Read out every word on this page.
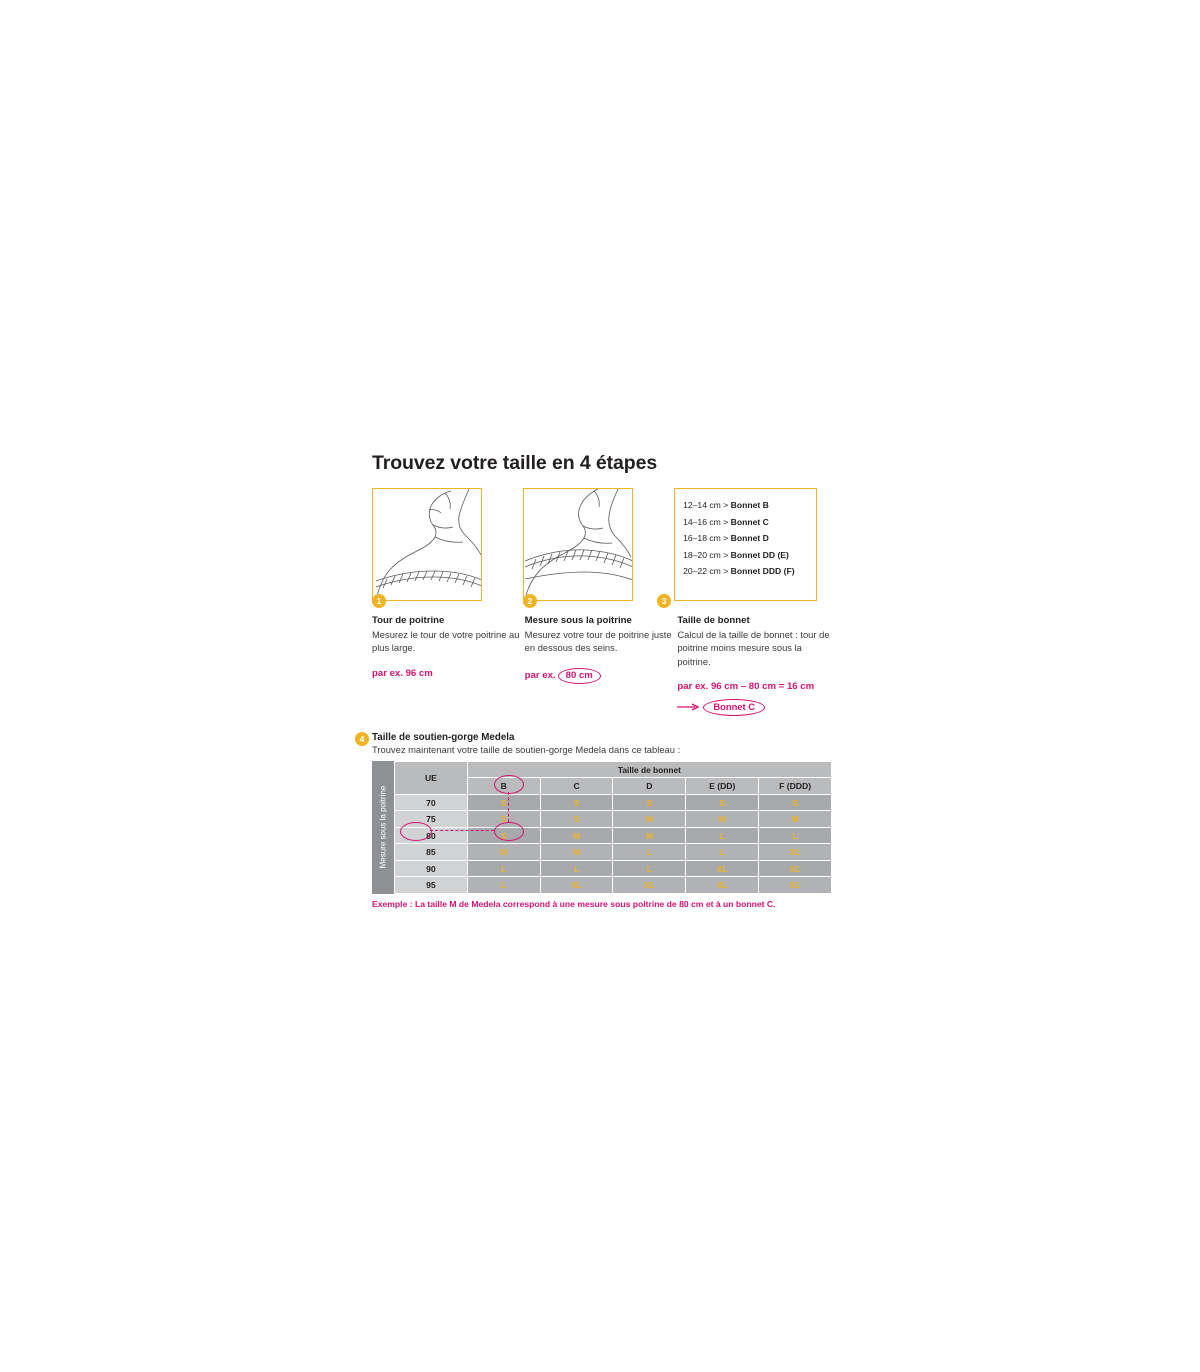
Trouvez votre taille en 4 étapes
1	2
12–14 cm > Bonnet B
14–16 cm > Bonnet C
16–18 cm > Bonnet D
18–20 cm > Bonnet DD (E)
20–22 cm > Bonnet DDD (F)
3
Tour de poitrine

Mesurez le tour de votre poitrine au plus large.

par ex. 96 cm
Mesure sous la poitrine

Mesurez votre tour de poitrine juste en dessous des seins.

par ex. 80 cm
Taille de bonnet

Calcul de la taille de bonnet : tour de poitrine moins mesure sous la poitrine.

par ex. 96 cm – 80 cm = 16 cm
Bonnet C
4 Taille de soutien-gorge Medela

Trouvez maintenant votre taille de soutien-gorge Medela dans ce tableau :

Mesure sous la poitrine
UE	Taille de bonnet				
	B	C	D	E (DD)	F (DDD)
70	S	S	S	S	S
75	S	S	M	M	M
80	S	M	M	L	L
85	M	M	L	L	XL
90	L	L	L	XL	XL
95	L	XL	XL	XL	XL
Exemple : La taille M de Medela correspond à une mesure sous poitrine de 80 cm et à un bonnet C.
